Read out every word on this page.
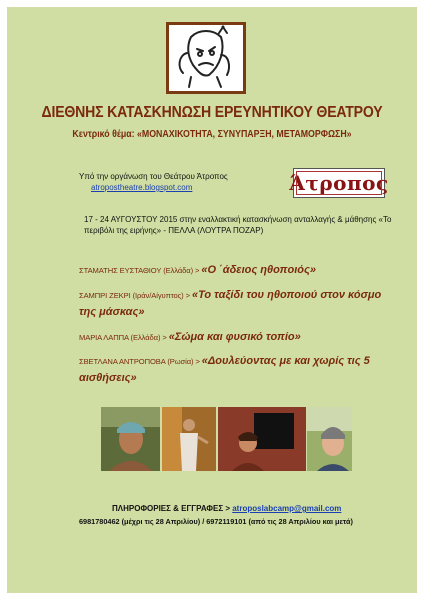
ΔΙΕΘΝΗΣ ΚΑΤΑΣΚΗΝΩΣΗ ΕΡΕΥΝΗΤΙΚΟΥ ΘΕΑΤΡΟΥ
Κεντρικό θέμα: «ΜΟΝΑΧΙΚΟΤΗΤΑ, ΣΥΝΥΠΑΡΞΗ, ΜΕΤΑΜΟΡΦΩΣΗ»
Υπό την οργάνωση του Θεάτρου Άτροπος
atropostheatre.blogspot.com	Άτροπος
17 - 24 ΑΥΓΟΥΣΤΟΥ 2015 στην εναλλακτική κατασκήνωση ανταλλαγής & μάθησης «Το περιβόλι της ειρήνης» - ΠΕΛΛΑ (ΛΟΥΤΡΑ ΠΟΖΑΡ)
ΣΤΑΜΑΤΗΣ ΕΥΣΤΑΘΙΟΥ (Ελλάδα) > «Ο ΄άδειος ηθοποιός»
ΣΑΜΠΡΙ ΖΕΚΡΙ (Ιράν/Αίγυπτος) > «Το ταξίδι του ηθοποιού στον κόσμο της μάσκας»
ΜΑΡΙΑ ΛΑΠΠΑ (Ελλάδα) > «Σώμα και φυσικό τοπίο»
ΣΒΕΤΛΑΝΑ ΑΝΤΡΟΠΟΒΑ (Ρωσία) > «Δουλεύοντας με και χωρίς τις 5 αισθήσεις»
ΠΛΗΡΟΦΟΡΙΕΣ & ΕΓΓΡΑΦΕΣ > atroposlabcamp@gmail.com
6981780462 (μέχρι τις 28 Απριλίου) / 6972119101 (από τις 28 Απριλίου και μετά)
